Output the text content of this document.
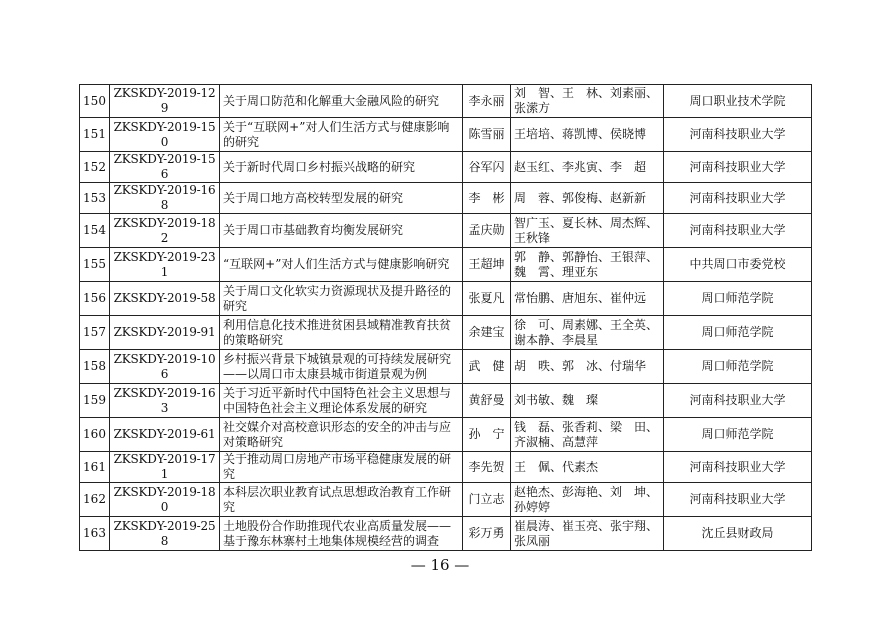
150	ZKSKDY-2019-129	关于周口防范和化解重大金融风险的研究	李永丽	刘　智、王　林、刘素丽、张潆方	周口职业技术学院
151	ZKSKDY-2019-150	关于“互联网+”对人们生活方式与健康影响的研究	陈雪丽	王培培、蒋凯博、侯晓博	河南科技职业大学
152	ZKSKDY-2019-156	关于新时代周口乡村振兴战略的研究	谷军闪	赵玉红、李兆寅、李　超	河南科技职业大学
153	ZKSKDY-2019-168	关于周口地方高校转型发展的研究	李　彬	周　蓉、郭俊梅、赵新新	河南科技职业大学
154	ZKSKDY-2019-182	关于周口市基础教育均衡发展研究	孟庆勋	智广玉、夏长林、周杰辉、王秋锋	河南科技职业大学
155	ZKSKDY-2019-231	“互联网+”对人们生活方式与健康影响研究	王超坤	郭　静、郭静怡、王银萍、魏　霄、理亚东	中共周口市委党校
156	ZKSKDY-2019-58	关于周口文化软实力资源现状及提升路径的研究	张夏凡	常怡鹏、唐旭东、崔仲远	周口师范学院
157	ZKSKDY-2019-91	利用信息化技术推进贫困县域精准教育扶贫的策略研究	余建宝	徐　可、周素娜、王全英、谢本静、李晨星	周口师范学院
158	ZKSKDY-2019-106	乡村振兴背景下城镇景观的可持续发展研究——以周口市太康县城市街道景观为例	武　健	胡　昳、郭　冰、付瑞华	周口师范学院
159	ZKSKDY-2019-163	关于习近平新时代中国特色社会主义思想与中国特色社会主义理论体系发展的研究	黄舒曼	刘书敏、魏　璨	河南科技职业大学
160	ZKSKDY-2019-61	社交媒介对高校意识形态的安全的冲击与应对策略研究	孙　宁	钱　磊、张香莉、梁　田、齐淑楠、高慧萍	周口师范学院
161	ZKSKDY-2019-171	关于推动周口房地产市场平稳健康发展的研究	李先贺	王　佩、代素杰	河南科技职业大学
162	ZKSKDY-2019-180	本科层次职业教育试点思想政治教育工作研究	门立志	赵艳杰、彭海艳、刘　坤、孙婷婷	河南科技职业大学
163	ZKSKDY-2019-258	土地股份合作助推现代农业高质量发展——基于豫东林寨村土地集体规模经营的调查	彩万勇	崔晨涛、崔玉亮、张宇翔、张凤丽	沈丘县财政局
— 16 —
